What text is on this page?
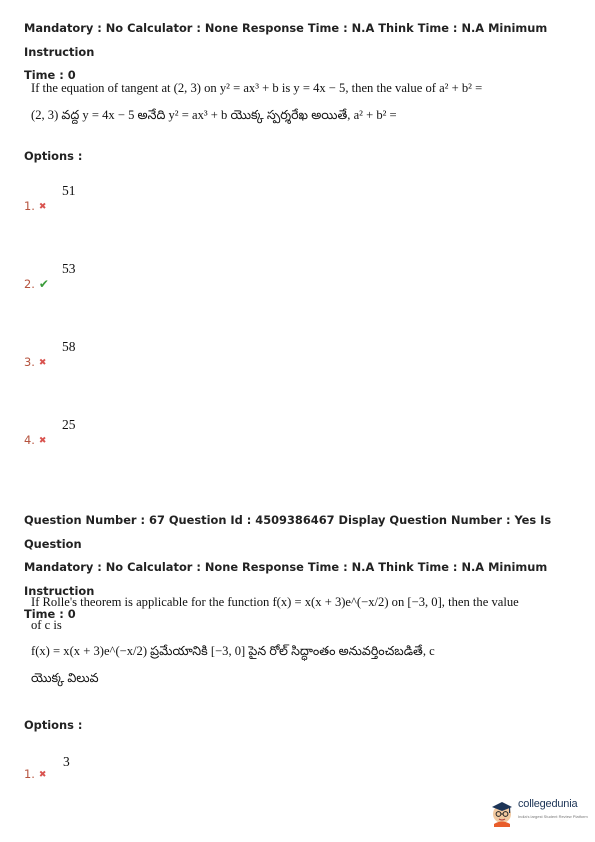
Mandatory : No Calculator : None Response Time : N.A Think Time : N.A Minimum Instruction
Time : 0
If the equation of tangent at (2, 3) on y² = ax³ + b is y = 4x − 5, then the value of a² + b² =
(2, 3) వద్ద y = 4x − 5 అనేది y² = ax³ + b యొక్క స్పర్శరేఖ అయితే, a² + b² =
Options :
51
1. ✖
53
2. ✔
58
3. ✖
25
4. ✖
Question Number : 67 Question Id : 4509386467 Display Question Number : Yes Is Question
Mandatory : No Calculator : None Response Time : N.A Think Time : N.A Minimum Instruction
Time : 0
If Rolle's theorem is applicable for the function f(x) = x(x + 3)e^(−x/2) on [−3, 0], then the value
of c is
f(x) = x(x + 3)e^(−x/2) ప్రమేయానికి [−3, 0] పైన రోల్ సిద్ధాంతం అనువర్తించబడితే, c
యొక్క విలువ
Options :
3
1. ✖
collegedunia
India's largest Student Review Platform
